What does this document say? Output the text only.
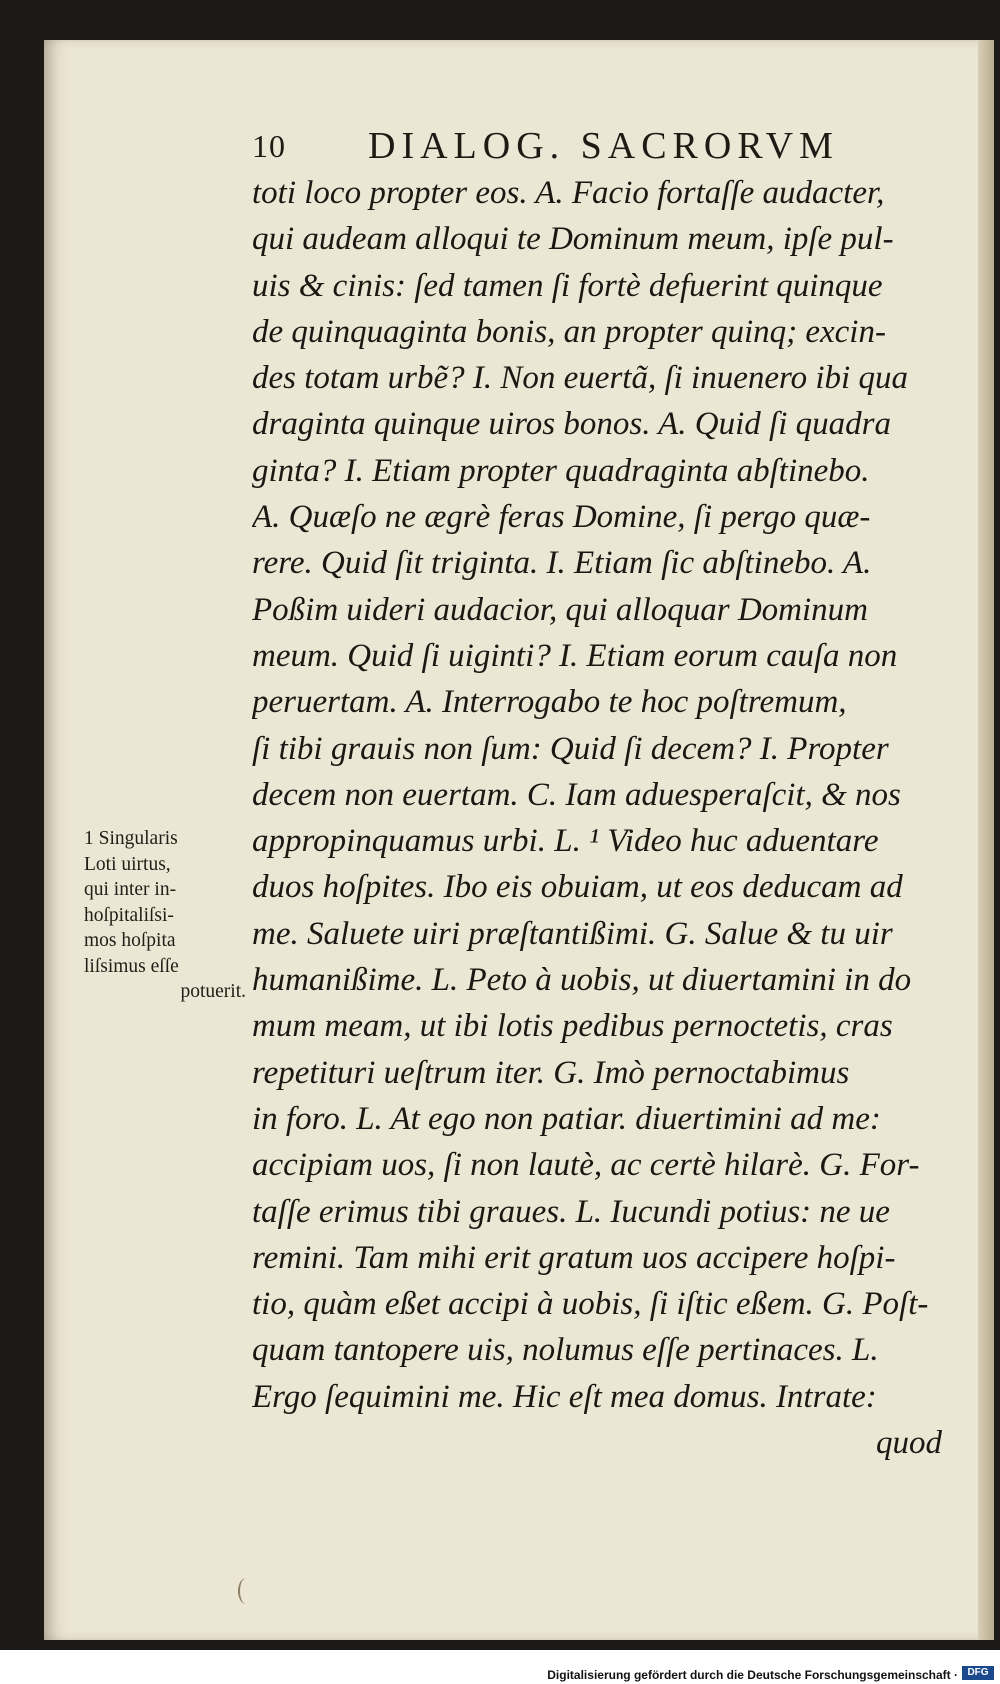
10 DIALOG. SACRORVM
toti loco propter eos. A. Facio fortaſſe audacter,
qui audeam alloqui te Dominum meum, ipſe pul-
uis & cinis: ſed tamen ſi fortè defuerint quinque
de quinquaginta bonis, an propter quinq; excin-
des totam urbẽ? I. Non euertã, ſi inuenero ibi qua
draginta quinque uiros bonos. A. Quid ſi quadra
ginta? I. Etiam propter quadraginta abſtinebo.
A. Quæſo ne ægrè feras Domine, ſi pergo quæ-
rere. Quid ſit triginta. I. Etiam ſic abſtinebo. A.
Poßim uideri audacior, qui alloquar Dominum
meum. Quid ſi uiginti? I. Etiam eorum cauſa non
peruertam. A. Interrogabo te hoc poſtremum,
ſi tibi grauis non ſum: Quid ſi decem? I. Propter
decem non euertam. C. Iam aduesperaſcit, & nos
appropinquamus urbi. L. ¹ Video huc aduentare
duos hoſpites. Ibo eis obuiam, ut eos deducam ad
me. Saluete uiri præſtantißimi. G. Salue & tu uir
humanißime. L. Peto à uobis, ut diuertamini in do
mum meam, ut ibi lotis pedibus pernoctetis, cras
repetituri ueſtrum iter. G. Imò pernoctabimus
in foro. L. At ego non patiar. diuertimini ad me:
accipiam uos, ſi non lautè, ac certè hilarè. G. For-
taſſe erimus tibi graues. L. Iucundi potius: ne ue
remini. Tam mihi erit gratum uos accipere hoſpi-
tio, quàm eßet accipi à uobis, ſi iſtic eßem. G. Poſt-
quam tantopere uis, nolumus eſſe pertinaces. L.
Ergo ſequimini me. Hic eſt mea domus. Intrate:
quod
1 Singularis
Loti uirtus,
qui inter in-
hoſpitaliſsi-
mos hoſpita
liſsimus eſſe
potuerit.
Digitalisierung gefördert durch die Deutsche Forschungsgemeinschaft · DFG
